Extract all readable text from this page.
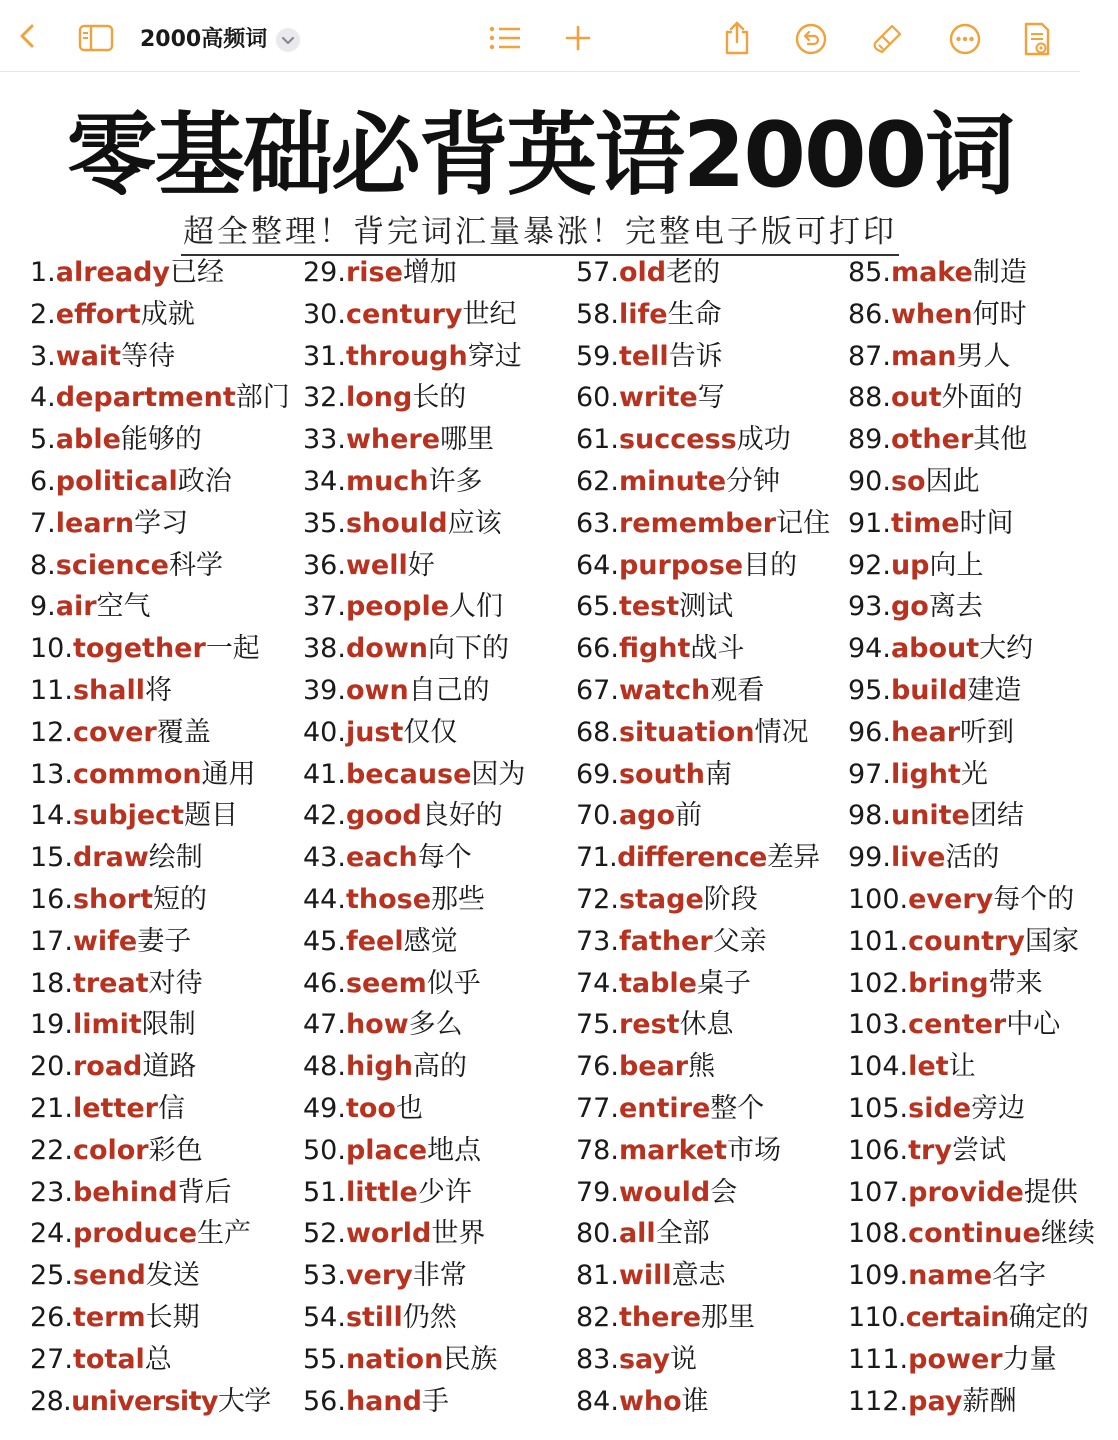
2000高频词
零基础必背英语2000词
超全整理！背完词汇量暴涨！完整电子版可打印
1.already已经
2.effort成就
3.wait等待
4.department部门
5.able能够的
6.political政治
7.learn学习
8.science科学
9.air空气
10.together一起
11.shall将
12.cover覆盖
13.common通用
14.subject题目
15.draw绘制
16.short短的
17.wife妻子
18.treat对待
19.limit限制
20.road道路
21.letter信
22.color彩色
23.behind背后
24.produce生产
25.send发送
26.term长期
27.total总
28.university大学
29.rise增加
30.century世纪
31.through穿过
32.long长的
33.where哪里
34.much许多
35.should应该
36.well好
37.people人们
38.down向下的
39.own自己的
40.just仅仅
41.because因为
42.good良好的
43.each每个
44.those那些
45.feel感觉
46.seem似乎
47.how多么
48.high高的
49.too也
50.place地点
51.little少许
52.world世界
53.very非常
54.still仍然
55.nation民族
56.hand手
57.old老的
58.life生命
59.tell告诉
60.write写
61.success成功
62.minute分钟
63.remember记住
64.purpose目的
65.test测试
66.fight战斗
67.watch观看
68.situation情况
69.south南
70.ago前
71.difference差异
72.stage阶段
73.father父亲
74.table桌子
75.rest休息
76.bear熊
77.entire整个
78.market市场
79.would会
80.all全部
81.will意志
82.there那里
83.say说
84.who谁
85.make制造
86.when何时
87.man男人
88.out外面的
89.other其他
90.so因此
91.time时间
92.up向上
93.go离去
94.about大约
95.build建造
96.hear听到
97.light光
98.unite团结
99.live活的
100.every每个的
101.country国家
102.bring带来
103.center中心
104.let让
105.side旁边
106.try尝试
107.provide提供
108.continue继续
109.name名字
110.certain确定的
111.power力量
112.pay薪酬
